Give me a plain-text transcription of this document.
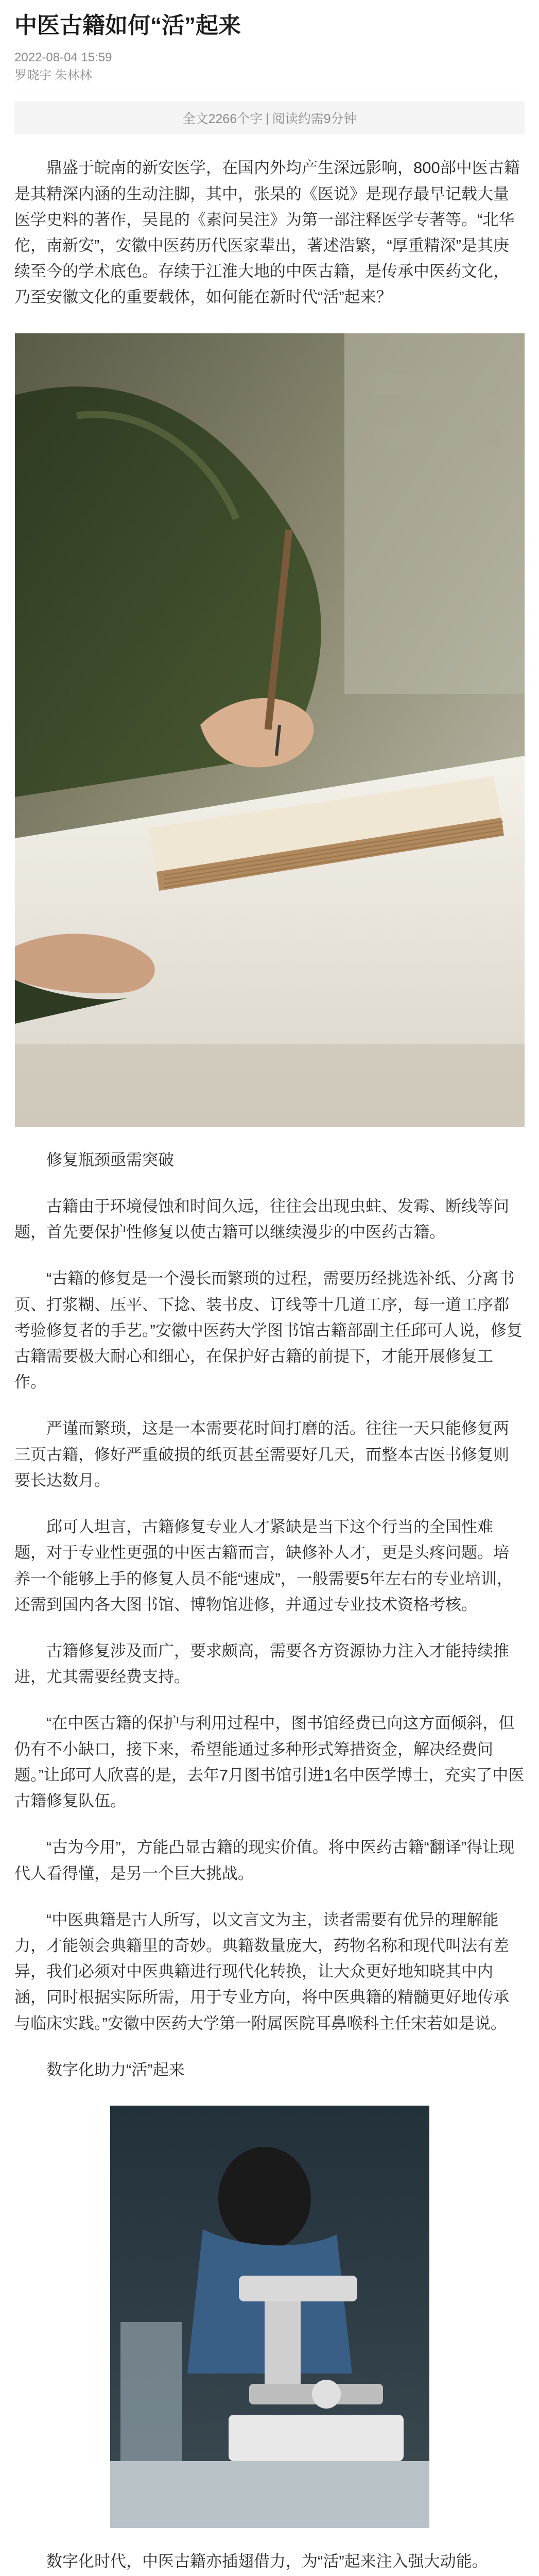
中医古籍如何“活”起来
2022-08-04 15:59
罗晓宇 朱林林
全文2266个字 | 阅读约需9分钟

鼎盛于皖南的新安医学，在国内外均产生深远影响，800部中医古籍是其精深内涵的生动注脚，其中，张杲的《医说》是现存最早记载大量医学史料的著作，吴昆的《素问吴注》为第一部注释医学专著等。“北华佗，南新安”，安徽中医药历代医家辈出，著述浩繁，“厚重精深”是其庚续至今的学术底色。存续于江淮大地的中医古籍，是传承中医药文化，乃至安徽文化的重要载体，如何能在新时代“活”起来？

修复瓶颈亟需突破

古籍由于环境侵蚀和时间久远，往往会出现虫蛀、发霉、断线等问题，首先要保护性修复以使古籍可以继续漫步的中医药古籍。

“古籍的修复是一个漫长而繁琐的过程，需要历经挑选补纸、分离书页、打浆糊、压平、下捻、装书皮、订线等十几道工序，每一道工序都考验修复者的手艺。”安徽中医药大学图书馆古籍部副主任邱可人说，修复古籍需要极大耐心和细心，在保护好古籍的前提下，才能开展修复工作。

严谨而繁琐，这是一本需要花时间打磨的活。往往一天只能修复两三页古籍，修好严重破损的纸页甚至需要好几天，而整本古医书修复则要长达数月。

邱可人坦言，古籍修复专业人才紧缺是当下这个行当的全国性难题，对于专业性更强的中医古籍而言，缺修补人才，更是头疼问题。培养一个能够上手的修复人员不能“速成”，一般需要5年左右的专业培训，还需到国内各大图书馆、博物馆进修，并通过专业技术资格考核。

古籍修复涉及面广，要求颇高，需要各方资源协力注入才能持续推进，尤其需要经费支持。

“在中医古籍的保护与利用过程中，图书馆经费已向这方面倾斜，但仍有不小缺口，接下来，希望能通过多种形式筹措资金，解决经费问题。”让邱可人欣喜的是，去年7月图书馆引进1名中医学博士，充实了中医古籍修复队伍。

“古为今用”，方能凸显古籍的现实价值。将中医药古籍“翻译”得让现代人看得懂，是另一个巨大挑战。

“中医典籍是古人所写，以文言文为主，读者需要有优异的理解能力，才能领会典籍里的奇妙。典籍数量庞大，药物名称和现代叫法有差异，我们必须对中医典籍进行现代化转换，让大众更好地知晓其中内涵，同时根据实际所需，用于专业方向，将中医典籍的精髓更好地传承与临床实践。”安徽中医药大学第一附属医院耳鼻喉科主任宋若如是说。

数字化助力“活”起来

数字化时代，中医古籍亦插翅借力，为“活”起来注入强大动能。
